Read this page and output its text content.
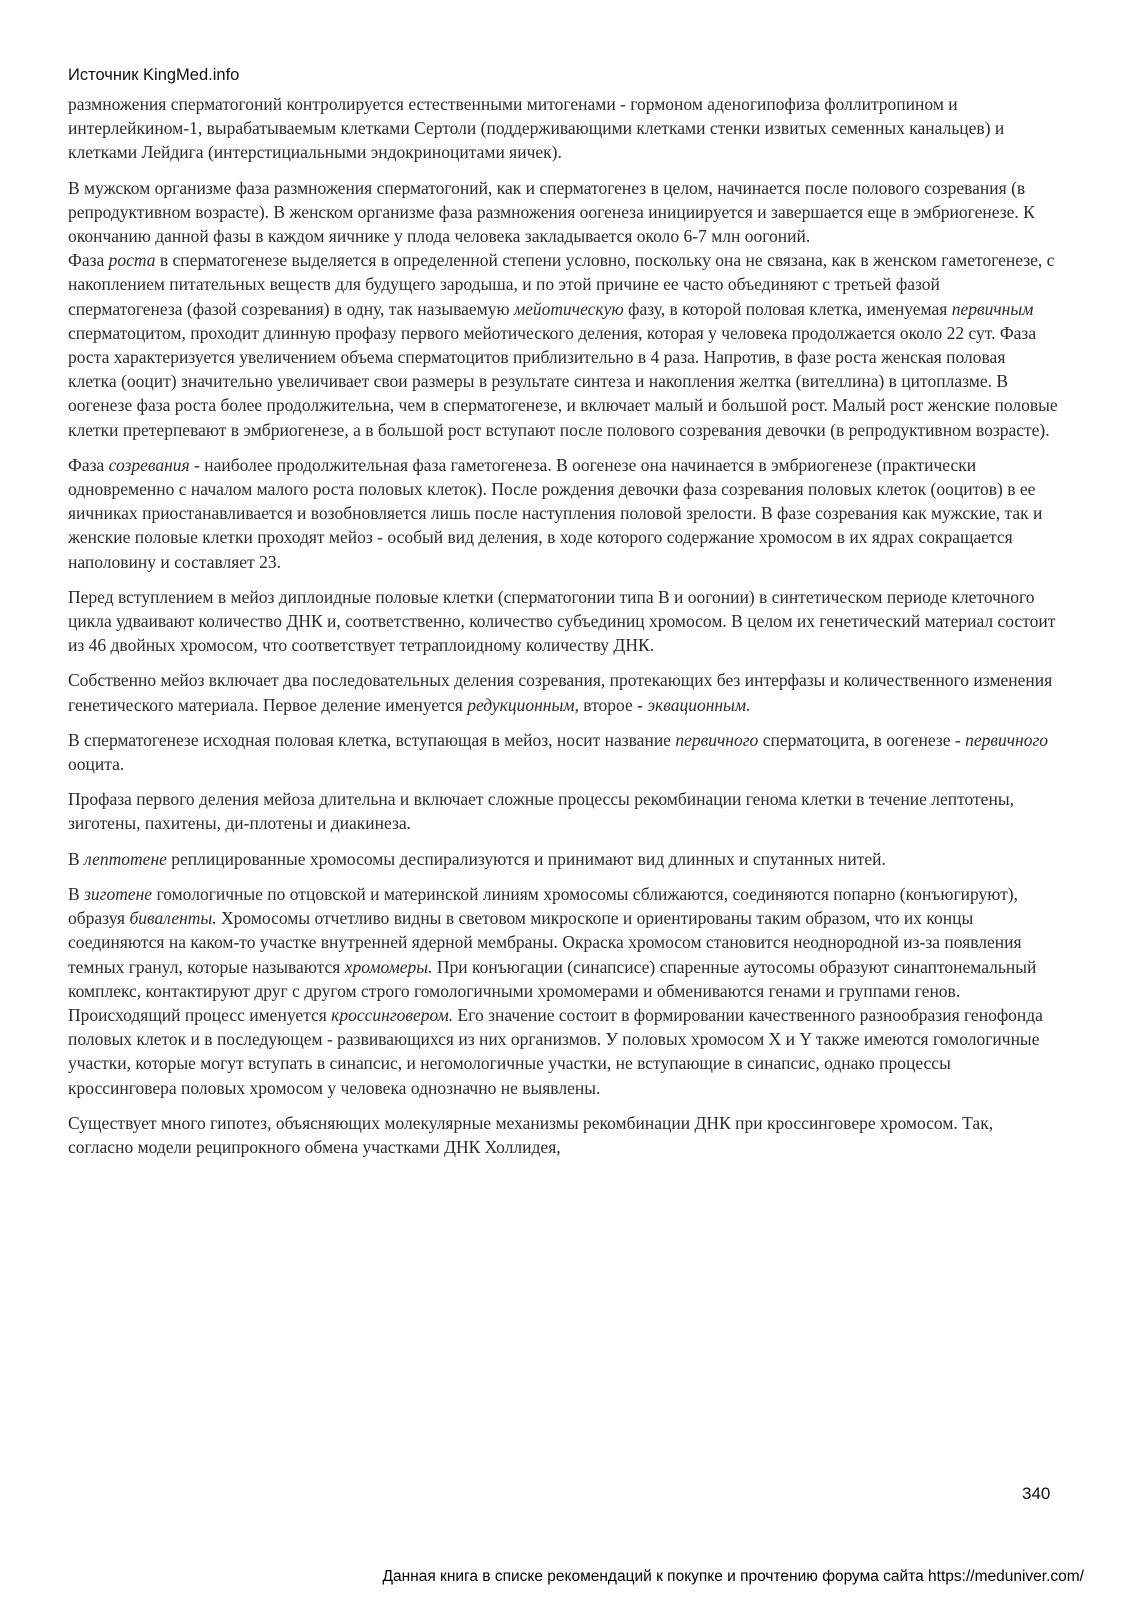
Источник KingMed.info

размножения сперматогоний контролируется естественными митогенами - гормоном аденогипофиза фоллитропином и интерлейкином-1, вырабатываемым клетками Сертоли (поддерживающими клетками стенки извитых семенных канальцев) и клетками Лейдига (интерстициальными эндокриноцитами яичек).

В мужском организме фаза размножения сперматогоний, как и сперматогенез в целом, начинается после полового созревания (в репродуктивном возрасте). В женском организме фаза размножения оогенеза инициируется и завершается еще в эмбриогенезе. К окончанию данной фазы в каждом яичнике у плода человека закладывается около 6-7 млн оогоний.

Фаза роста в сперматогенезе выделяется в определенной степени условно, поскольку она не связана, как в женском гаметогенезе, с накоплением питательных веществ для будущего зародыша, и по этой причине ее часто объединяют с третьей фазой сперматогенеза (фазой созревания) в одну, так называемую мейотическую фазу, в которой половая клетка, именуемая первичным сперматоцитом, проходит длинную профазу первого мейотического деления, которая у человека продолжается около 22 сут. Фаза роста характеризуется увеличением объема сперматоцитов приблизительно в 4 раза. Напротив, в фазе роста женская половая клетка (ооцит) значительно увеличивает свои размеры в результате синтеза и накопления желтка (вителлина) в цитоплазме. В оогенезе фаза роста более продолжительна, чем в сперматогенезе, и включает малый и большой рост. Малый рост женские половые клетки претерпевают в эмбриогенезе, а в большой рост вступают после полового созревания девочки (в репродуктивном возрасте).

Фаза созревания - наиболее продолжительная фаза гаметогенеза. В оогенезе она начинается в эмбриогенезе (практически одновременно с началом малого роста половых клеток). После рождения девочки фаза созревания половых клеток (ооцитов) в ее яичниках приостанавливается и возобновляется лишь после наступления половой зрелости. В фазе созревания как мужские, так и женские половые клетки проходят мейоз - особый вид деления, в ходе которого содержание хромосом в их ядрах сокращается наполовину и составляет 23.

Перед вступлением в мейоз диплоидные половые клетки (сперматогонии типа В и оогонии) в синтетическом периоде клеточного цикла удваивают количество ДНК и, соответственно, количество субъединиц хромосом. В целом их генетический материал состоит из 46 двойных хромосом, что соответствует тетраплоидному количеству ДНК.

Собственно мейоз включает два последовательных деления созревания, протекающих без интерфазы и количественного изменения генетического материала. Первое деление именуется редукционным, второе - эквационным.

В сперматогенезе исходная половая клетка, вступающая в мейоз, носит название первичного сперматоцита, в оогенезе - первичного ооцита.

Профаза первого деления мейоза длительна и включает сложные процессы рекомбинации генома клетки в течение лептотены, зиготены, пахитены, ди-плотены и диакинеза.

В лептотене реплицированные хромосомы деспирализуются и принимают вид длинных и спутанных нитей.

В зиготене гомологичные по отцовской и материнской линиям хромосомы сближаются, соединяются попарно (конъюгируют), образуя биваленты. Хромосомы отчетливо видны в световом микроскопе и ориентированы таким образом, что их концы соединяются на каком-то участке внутренней ядерной мембраны. Окраска хромосом становится неоднородной из-за появления темных гранул, которые называются хромомеры. При конъюгации (синапсисе) спаренные аутосомы образуют синаптонемальный комплекс, контактируют друг с другом строго гомологичными хромомерами и обмениваются генами и группами генов. Происходящий процесс именуется кроссинговером. Его значение состоит в формировании качественного разнообразия генофонда половых клеток и в последующем - развивающихся из них организмов. У половых хромосом X и Y также имеются гомологичные участки, которые могут вступать в синапсис, и негомологичные участки, не вступающие в синапсис, однако процессы кроссинговера половых хромосом у человека однозначно не выявлены.

Существует много гипотез, объясняющих молекулярные механизмы рекомбинации ДНК при кроссинговере хромосом. Так, согласно модели реципрокного обмена участками ДНК Холлидея,

340
Данная книга в списке рекомендаций к покупке и прочтению форума сайта https://meduniver.com/
